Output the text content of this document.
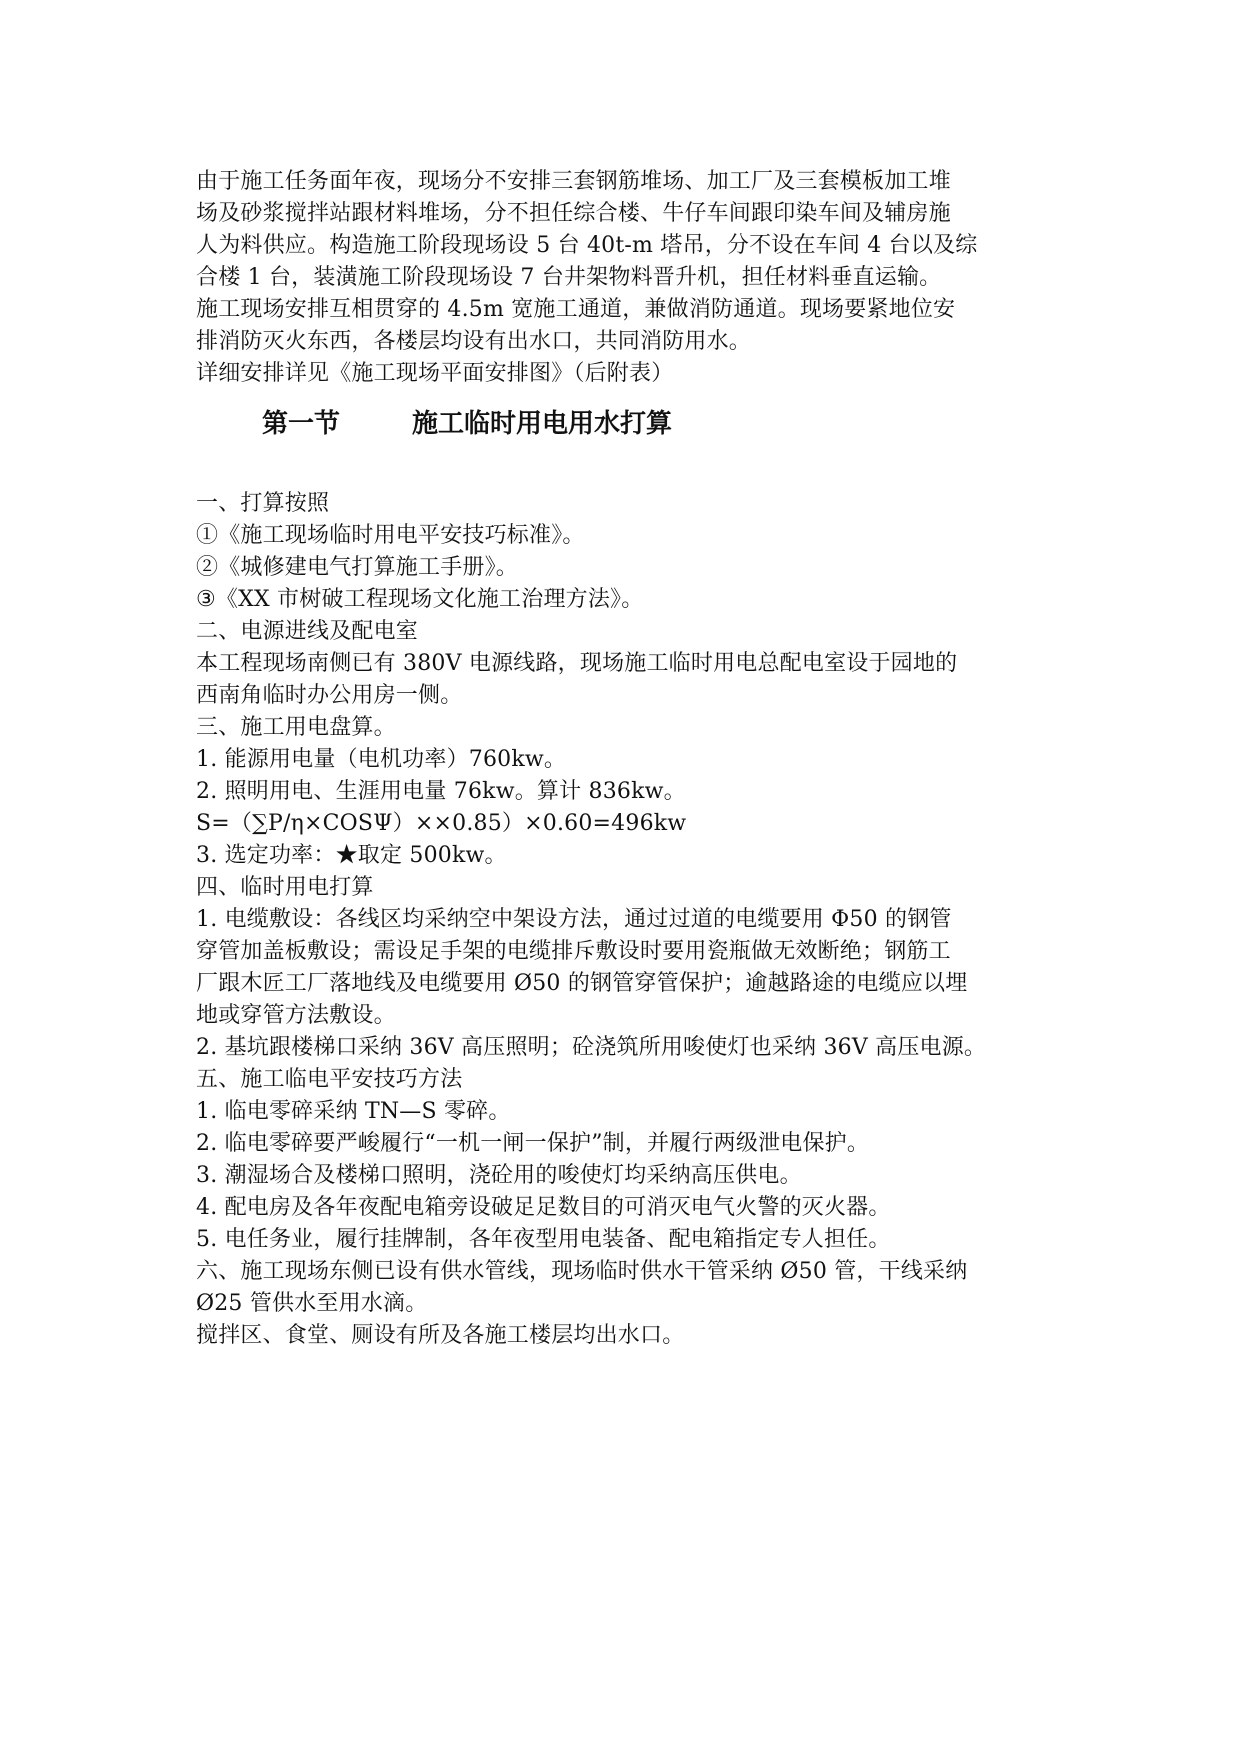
由于施工任务面年夜，现场分不安排三套钢筋堆场、加工厂及三套模板加工堆
场及砂浆搅拌站跟材料堆场，分不担任综合楼、牛仔车间跟印染车间及辅房施
人为料供应。构造施工阶段现场设 5 台 40t-m 塔吊，分不设在车间 4 台以及综
合楼 1 台，装潢施工阶段现场设 7 台井架物料晋升机，担任材料垂直运输。
施工现场安排互相贯穿的 4.5m 宽施工通道，兼做消防通道。现场要紧地位安
排消防灭火东西，各楼层均设有出水口，共同消防用水。
详细安排详见《施工现场平面安排图》（后附表）
第一节	施工临时用电用水打算
一、打算按照
①《施工现场临时用电平安技巧标准》。
②《城修建电气打算施工手册》。
③《XX 市树破工程现场文化施工治理方法》。
二、电源进线及配电室
本工程现场南侧已有 380V 电源线路，现场施工临时用电总配电室设于园地的
西南角临时办公用房一侧。
三、施工用电盘算。
1. 能源用电量（电机功率）760kw。
2. 照明用电、生涯用电量 76kw。算计 836kw。
S=（∑P/η×COSΨ）××0.85）×0.60=496kw
3. 选定功率：★取定 500kw。
四、临时用电打算
1. 电缆敷设：各线区均采纳空中架设方法，通过过道的电缆要用 Φ50 的钢管
穿管加盖板敷设；需设足手架的电缆排斥敷设时要用瓷瓶做无效断绝；钢筋工
厂跟木匠工厂落地线及电缆要用 Ø50 的钢管穿管保护；逾越路途的电缆应以埋
地或穿管方法敷设。
2. 基坑跟楼梯口采纳 36V 高压照明；砼浇筑所用唆使灯也采纳 36V 高压电源。
五、施工临电平安技巧方法
1. 临电零碎采纳 TN—S 零碎。
2. 临电零碎要严峻履行“一机一闸一保护”制，并履行两级泄电保护。
3. 潮湿场合及楼梯口照明，浇砼用的唆使灯均采纳高压供电。
4. 配电房及各年夜配电箱旁设破足足数目的可消灭电气火警的灭火器。
5. 电任务业，履行挂牌制，各年夜型用电装备、配电箱指定专人担任。
六、施工现场东侧已设有供水管线，现场临时供水干管采纳 Ø50 管，干线采纳
Ø25 管供水至用水滴。
搅拌区、食堂、厕设有所及各施工楼层均出水口。
